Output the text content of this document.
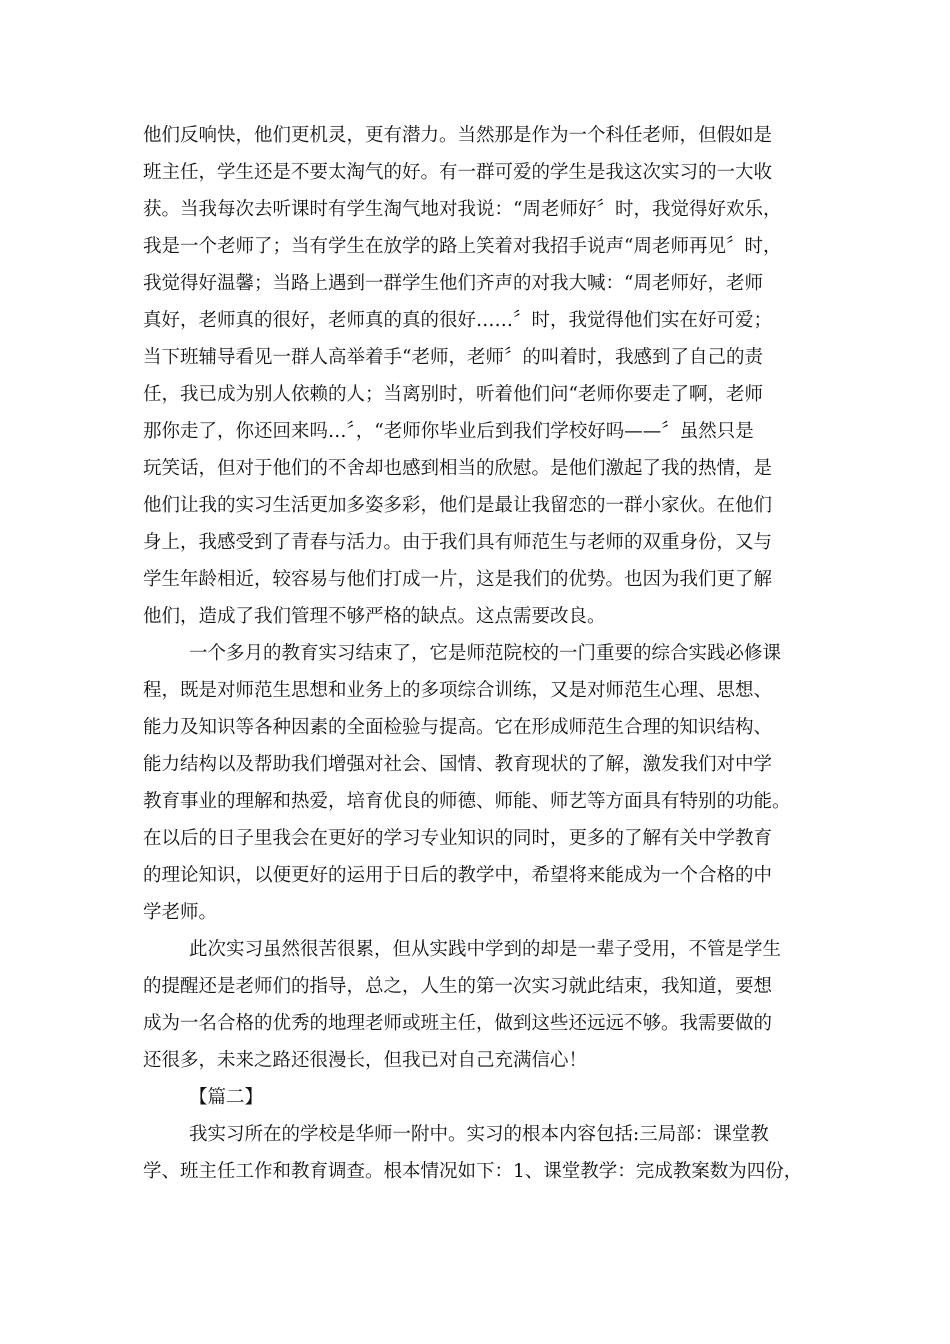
他们反响快，他们更机灵，更有潜力。当然那是作为一个科任老师，但假如是
班主任，学生还是不要太淘气的好。有一群可爱的学生是我这次实习的一大收
获。当我每次去听课时有学生淘气地对我说：“周老师好〞时，我觉得好欢乐，
我是一个老师了；当有学生在放学的路上笑着对我招手说声“周老师再见〞时，
我觉得好温馨；当路上遇到一群学生他们齐声的对我大喊：“周老师好，老师
真好，老师真的很好，老师真的真的很好……〞时，我觉得他们实在好可爱；
当下班辅导看见一群人高举着手“老师，老师〞的叫着时，我感到了自己的责
任，我已成为别人依赖的人；当离别时，听着他们问“老师你要走了啊，老师
那你走了，你还回来吗…〞，“老师你毕业后到我们学校好吗——〞虽然只是
玩笑话，但对于他们的不舍却也感到相当的欣慰。是他们激起了我的热情，是
他们让我的实习生活更加多姿多彩，他们是最让我留恋的一群小家伙。在他们
身上，我感受到了青春与活力。由于我们具有师范生与老师的双重身份，又与
学生年龄相近，较容易与他们打成一片，这是我们的优势。也因为我们更了解
他们，造成了我们管理不够严格的缺点。这点需要改良。
一个多月的教育实习结束了，它是师范院校的一门重要的综合实践必修课
程，既是对师范生思想和业务上的多项综合训练，又是对师范生心理、思想、
能力及知识等各种因素的全面检验与提高。它在形成师范生合理的知识结构、
能力结构以及帮助我们增强对社会、国情、教育现状的了解，激发我们对中学
教育事业的理解和热爱，培育优良的师德、师能、师艺等方面具有特别的功能。
在以后的日子里我会在更好的学习专业知识的同时，更多的了解有关中学教育
的理论知识，以便更好的运用于日后的教学中，希望将来能成为一个合格的中
学老师。
此次实习虽然很苦很累，但从实践中学到的却是一辈子受用，不管是学生
的提醒还是老师们的指导，总之，人生的第一次实习就此结束，我知道，要想
成为一名合格的优秀的地理老师或班主任，做到这些还远远不够。我需要做的
还很多，未来之路还很漫长，但我已对自己充满信心！
【篇二】
我实习所在的学校是华师一附中。实习的根本内容包括:三局部：课堂教
学、班主任工作和教育调查。根本情况如下：1、课堂教学：完成教案数为四份，
